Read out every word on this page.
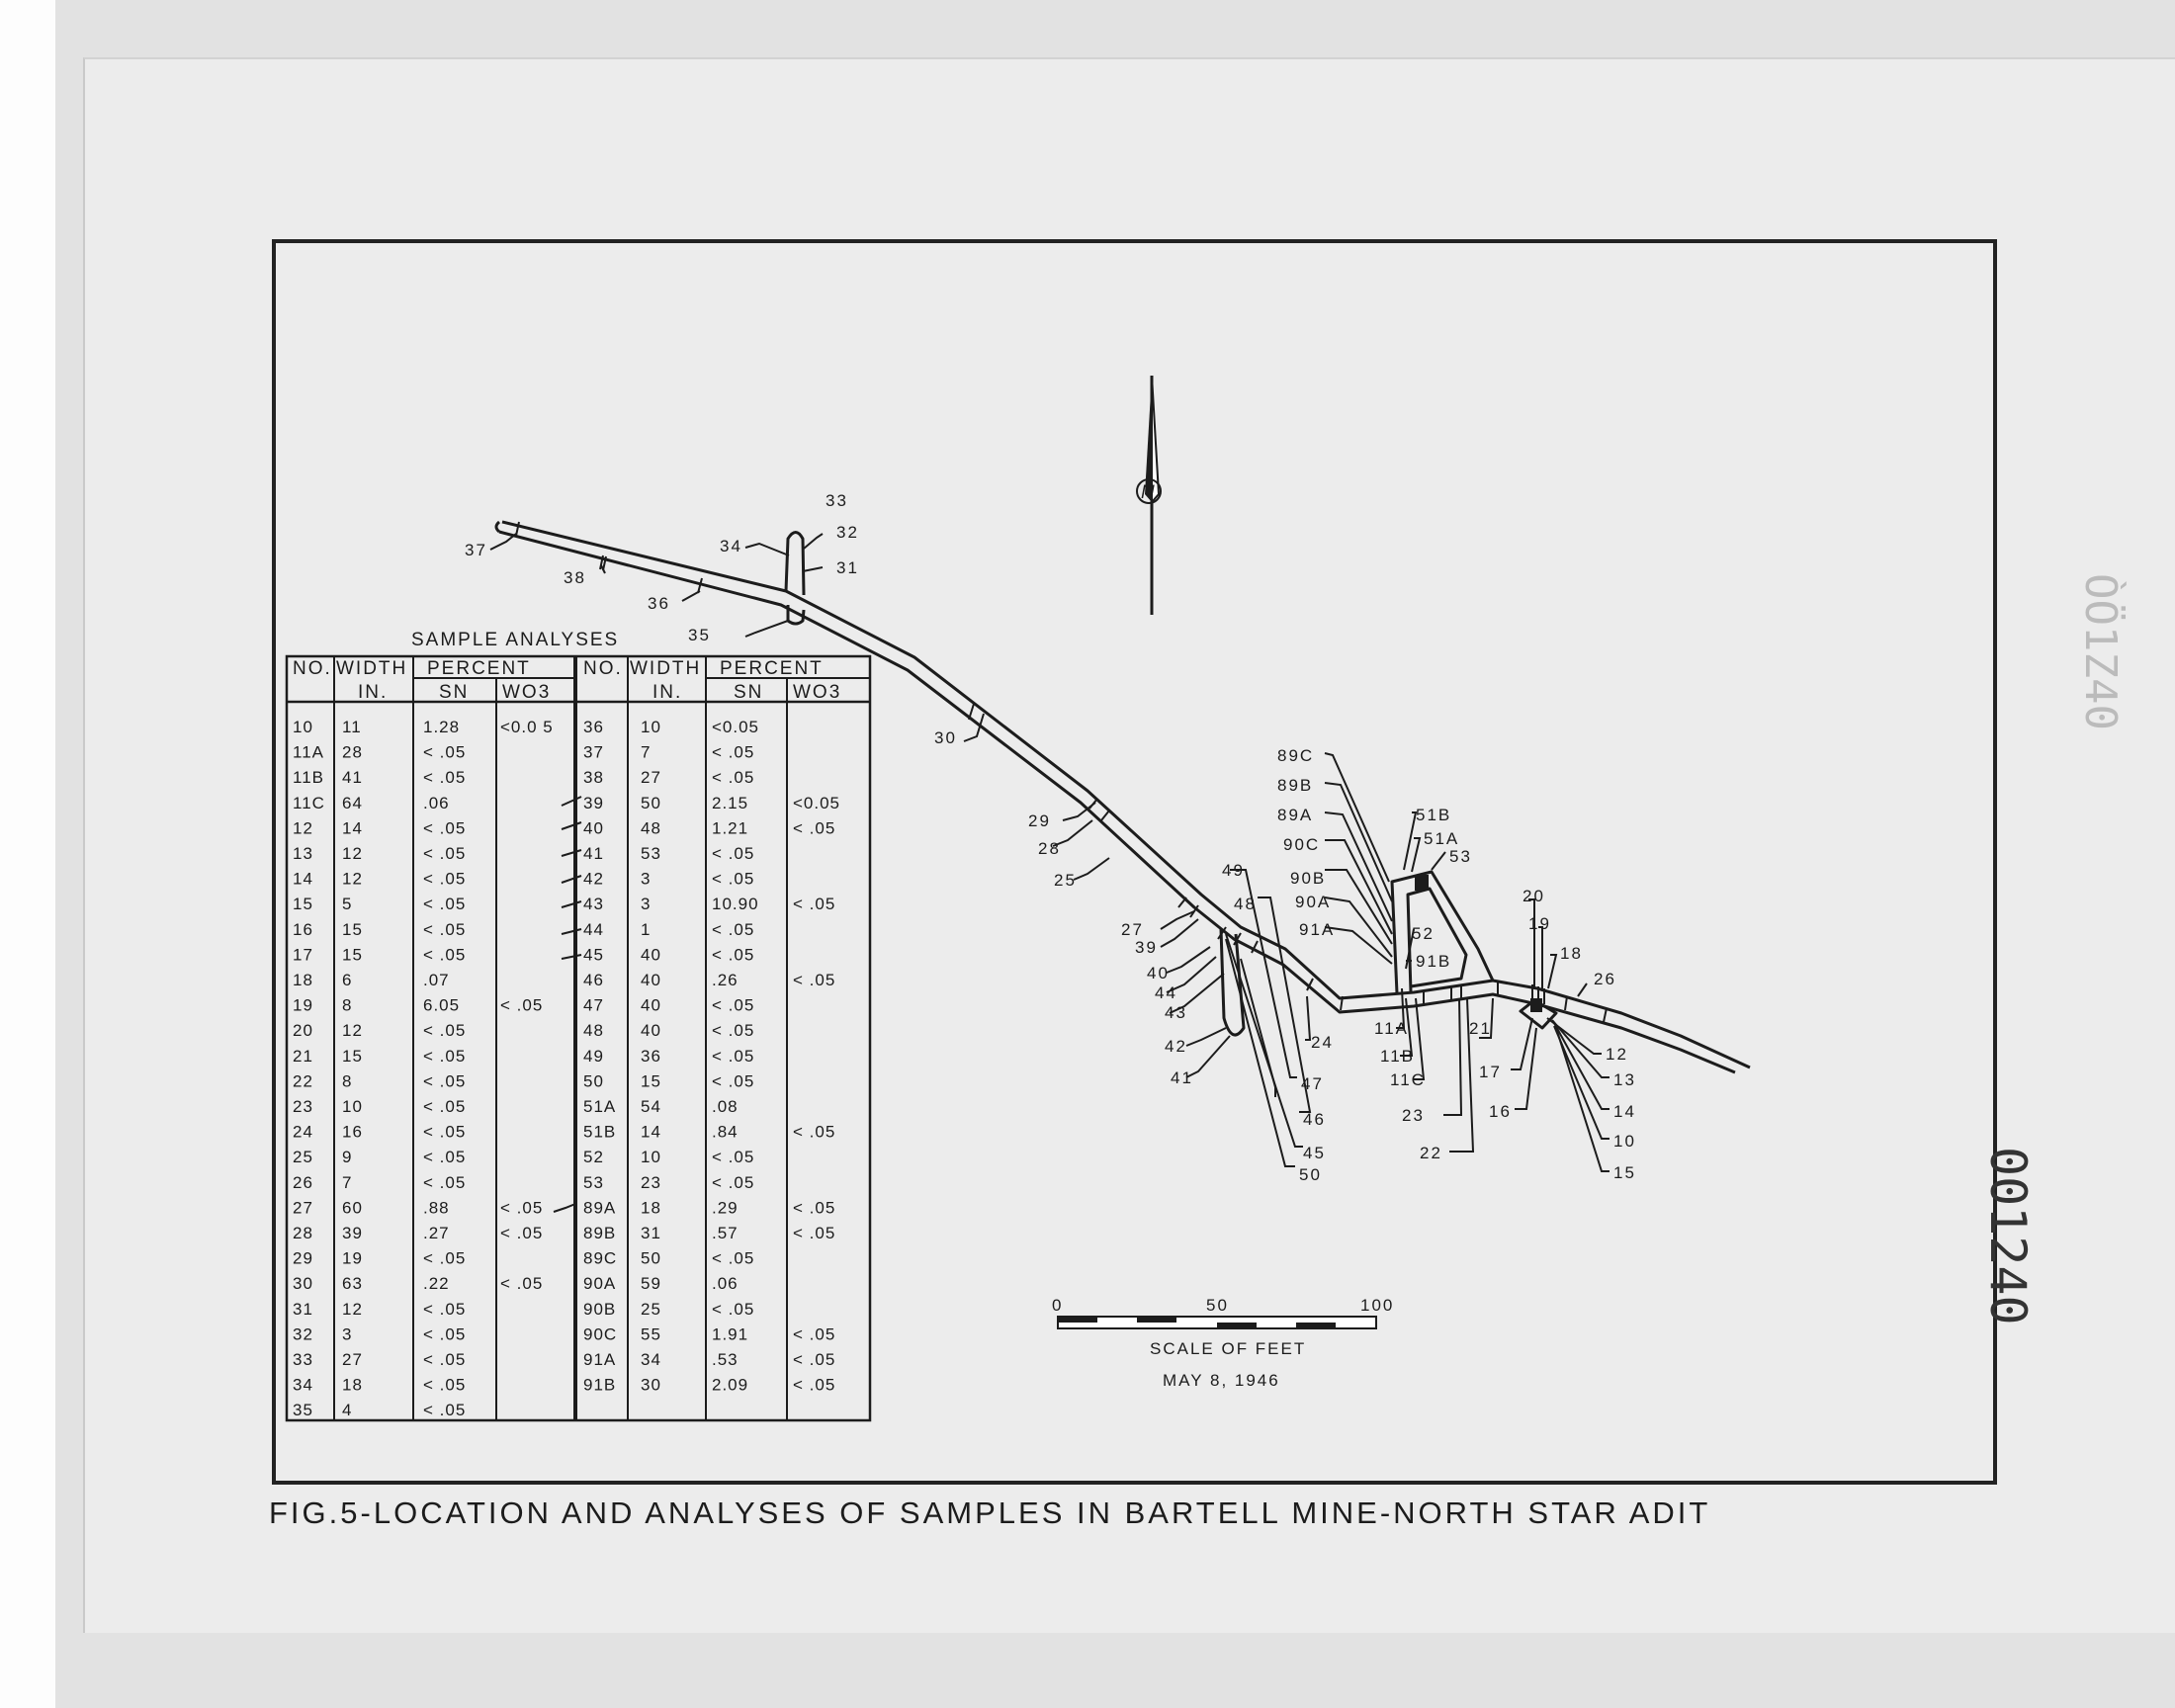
N
37
38
36
34
33
32
31
35
30
29
28
25
27
39
40
44
43
42
41
49
48
47
46
45
50
24
89C
89B
89A
90C
90B
90A
91A
51B
51A
53
52
91B
11A
11B
11C
23
22
21
20
19
18
26
17
16
12
13
14
10
15
0	50	100
SCALE OF FEET
MAY 8, 1946
SAMPLE ANALYSES
NO. WIDTH
IN.
PERCENT
SN WO3
NO. WIDTH
IN.
PERCENT
SN WO3
10 11	1.28 <0.0 5
11A 28	< .05
11B 41	< .05
11C 64	.06
12 14	< .05
13 12	< .05
14 12	< .05
15 5	< .05
16 15	< .05
17 15	< .05
18 6	.07
19 8	6.05 < .05
20 12	< .05
21 15	< .05
22 8	< .05
23 10	< .05
24 16	< .05
25 9	< .05
26 7	< .05
27 60	.88	< .05
28 39	.27	< .05
29 19	< .05
30 63	.22	< .05
31 12	< .05
32 3	< .05
33 27	< .05
34 18	< .05
35 4	< .05
36 10	<0.05
37 7	< .05
38 27	< .05
39 50	2.15	<0.05
40 48	1.21	< .05
41 53	< .05
42 3	< .05
43 3	10.90 < .05
44 1	< .05
45 40	< .05
46 40	.26	< .05
47 40	< .05
48 40	< .05
49 36	< .05
50 15	< .05
51A 54	.08
51B 14	.84	< .05
52 10	< .05
53 23	< .05
89A 18	.29	< .05
89B 31	.57	< .05
89C 50	< .05
90A 59	.06
90B 25	< .05
90C 55	1.91	< .05
91A 34	.53	< .05
91B 30	2.09	< .05
FIG.5-LOCATION AND ANALYSES OF SAMPLES IN BARTELL MINE-NORTH STAR ADIT
001240
ÒÖ1Z40
